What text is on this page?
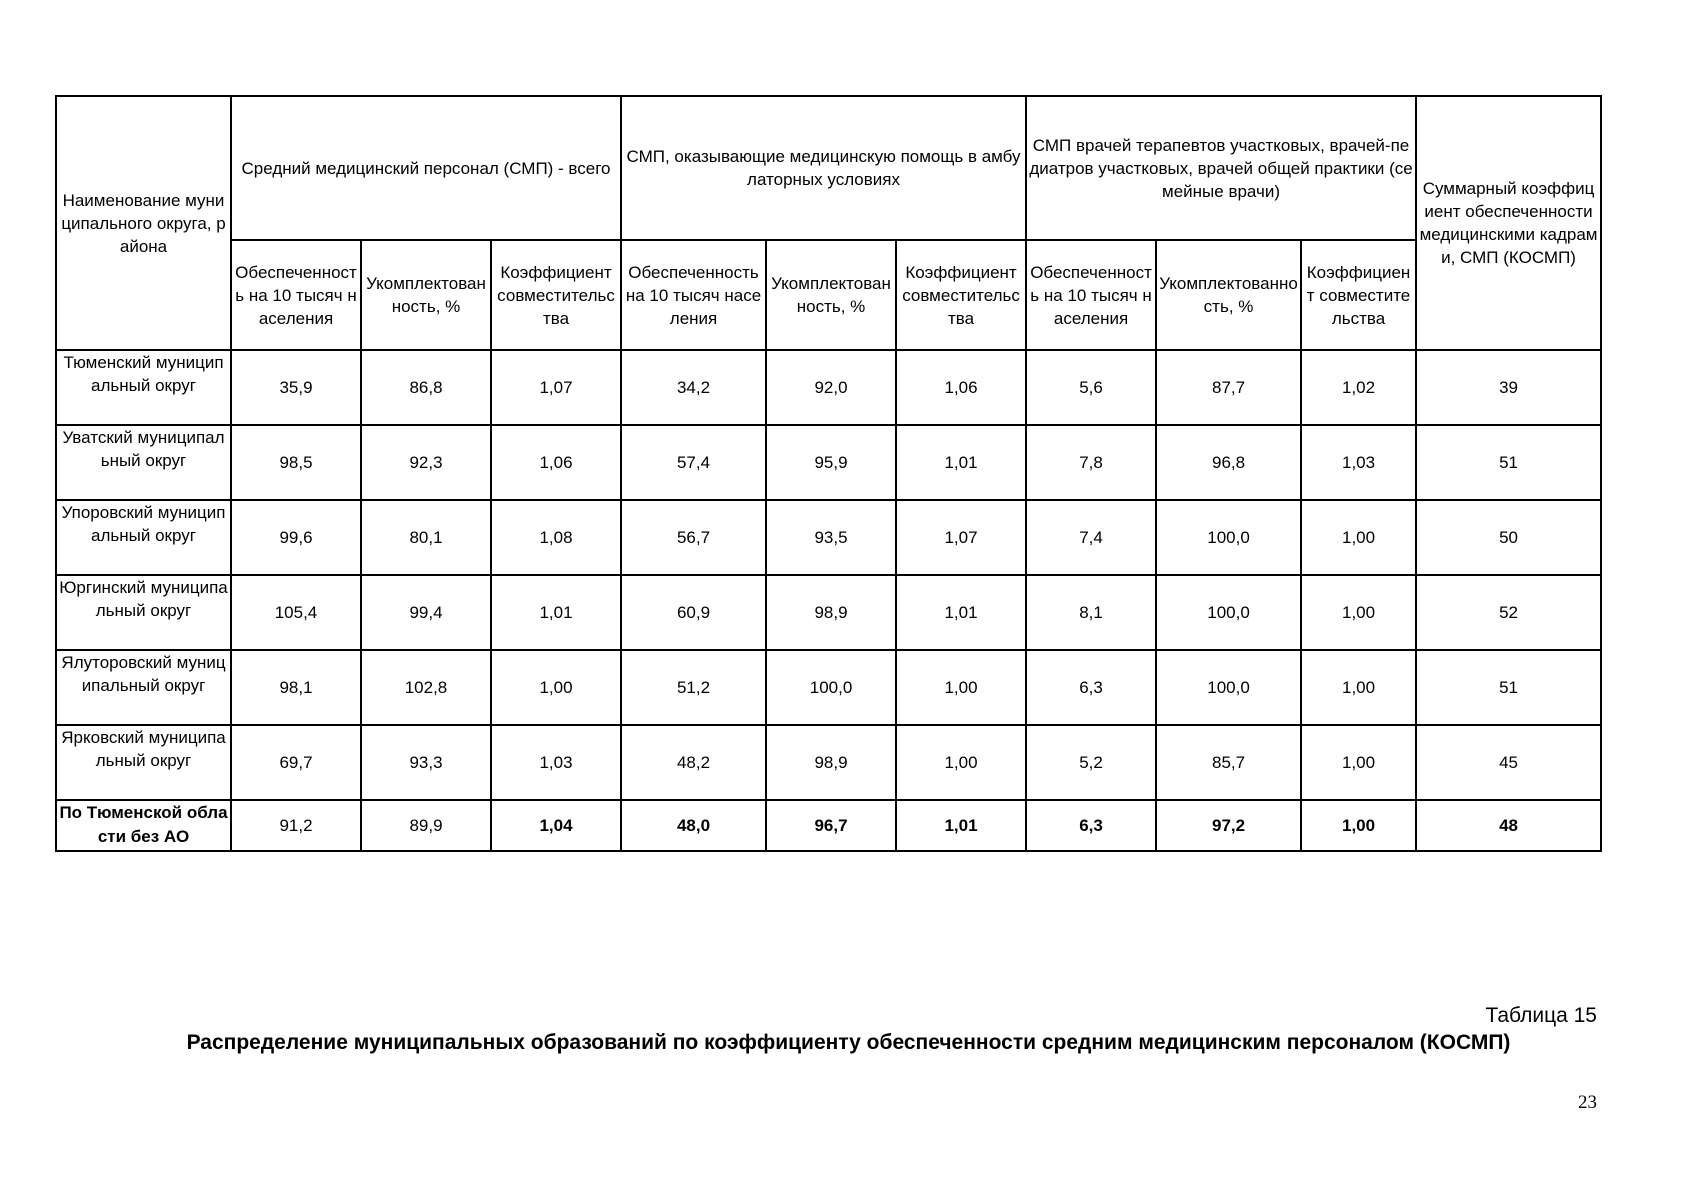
Наименование муниципального округа, района	Средний медицинский персонал (СМП) - всего			СМП, оказывающие медицинскую помощь в амбулаторных условиях			СМП врачей терапевтов участковых, врачей-педиатров участковых, врачей общей практики (семейные врачи)			Суммарный коэффициент обеспеченности медицинскими кадрами, СМП (КОСМП)
	Обеспеченность на 10 тысяч населения	Укомплектованность, %	Коэффициент совместительства	Обеспеченность на 10 тысяч населения	Укомплектованность, %	Коэффициент совместительства	Обеспеченность на 10 тысяч населения	Укомплектованность, %	Коэффициент совместительства	
Тюменский муниципальный округ	35,9	86,8	1,07	34,2	92,0	1,06	5,6	87,7	1,02	39
Уватский муниципальный округ	98,5	92,3	1,06	57,4	95,9	1,01	7,8	96,8	1,03	51
Упоровский муниципальный округ	99,6	80,1	1,08	56,7	93,5	1,07	7,4	100,0	1,00	50
Юргинский муниципальный округ	105,4	99,4	1,01	60,9	98,9	1,01	8,1	100,0	1,00	52
Ялуторовский муниципальный округ	98,1	102,8	1,00	51,2	100,0	1,00	6,3	100,0	1,00	51
Ярковский муниципальный округ	69,7	93,3	1,03	48,2	98,9	1,00	5,2	85,7	1,00	45
По Тюменской области без АО	91,2	89,9	1,04	48,0	96,7	1,01	6,3	97,2	1,00	48
Таблица 15
Распределение муниципальных образований по коэффициенту обеспеченности средним медицинским персоналом (КОСМП)
23
